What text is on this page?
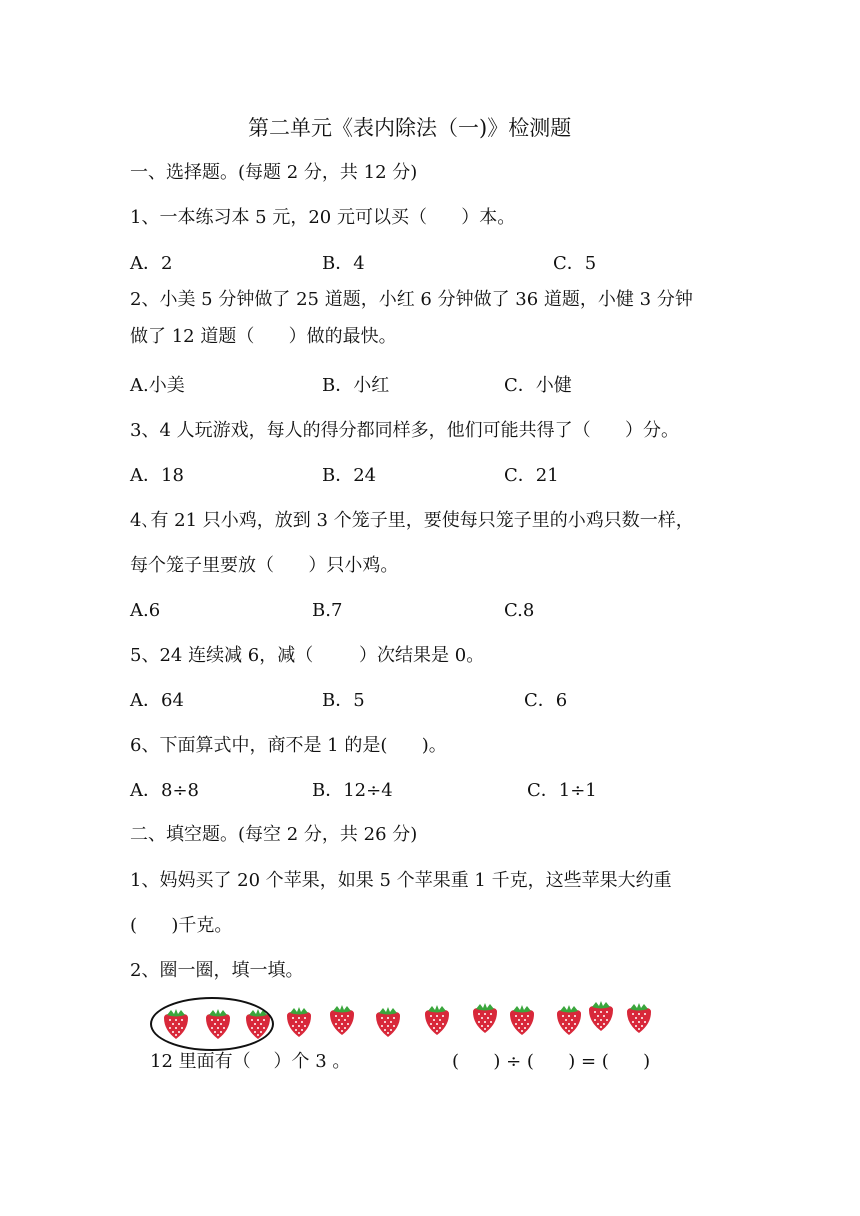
第二单元《表内除法（一)》检测题
一、选择题。(每题 2 分，共 12 分)
1、一本练习本 5 元，20 元可以买（      ）本。
A．2	B．4	C．5
2、小美 5 分钟做了 25 道题，小红 6 分钟做了 36 道题，小健 3 分钟
做了 12 道题（      ）做的最快。
A.小美	B．小红	C．小健
3、4 人玩游戏，每人的得分都同样多，他们可能共得了（      ）分。
A．18	B．24	C．21
4､有 21 只小鸡，放到 3 个笼子里，要使每只笼子里的小鸡只数一样，
每个笼子里要放（      ）只小鸡。
A.6	B.7	C.8
5、24 连续减 6，减（        ）次结果是 0。
A．64	B．5	C．6
6、下面算式中，商不是 1 的是(      )。
A．8÷8	B．12÷4	C．1÷1
二、填空题。(每空 2 分，共 26 分)
1、妈妈买了 20 个苹果，如果 5 个苹果重 1 千克，这些苹果大约重
(      )千克。
2、圈一圈，填一填。
12 里面有（    ）个 3 。	(      ) ÷ (      ) = (      )
